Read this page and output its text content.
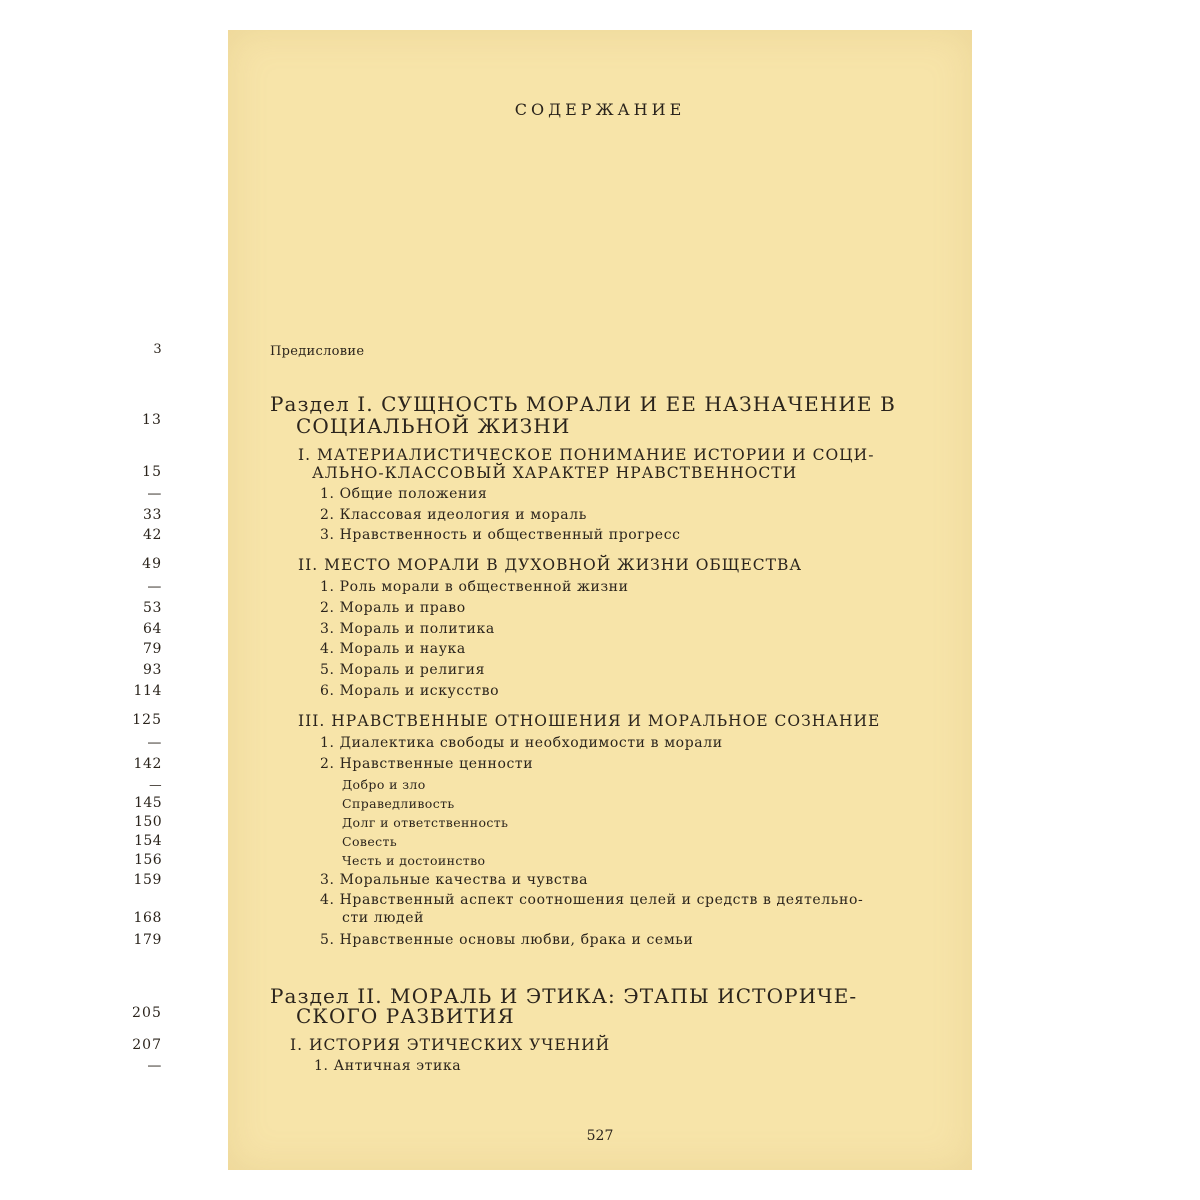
СОДЕРЖАНИЕ
Предисловие
3
Раздел I. СУЩНОСТЬ МОРАЛИ И ЕЕ НАЗНАЧЕНИЕ В
СОЦИАЛЬНОЙ ЖИЗНИ
13
I. МАТЕРИАЛИСТИЧЕСКОЕ ПОНИМАНИЕ ИСТОРИИ И СОЦИ-
АЛЬНО-КЛАССОВЫЙ ХАРАКТЕР НРАВСТВЕННОСТИ
15
1. Общие положения
—
2. Классовая идеология и мораль
33
3. Нравственность и общественный прогресс
42
II. МЕСТО МОРАЛИ В ДУХОВНОЙ ЖИЗНИ ОБЩЕСТВА
49
1. Роль морали в общественной жизни
—
2. Мораль и право
53
3. Мораль и политика
64
4. Мораль и наука
79
5. Мораль и религия
93
6. Мораль и искусство
114
III. НРАВСТВЕННЫЕ ОТНОШЕНИЯ И МОРАЛЬНОЕ СОЗНАНИЕ
125
1. Диалектика свободы и необходимости в морали
—
2. Нравственные ценности
142
Добро и зло
—
Справедливость
145
Долг и ответственность
150
Совесть
154
Честь и достоинство
156
3. Моральные качества и чувства
159
4. Нравственный аспект соотношения целей и средств в деятельно-
сти людей
168
5. Нравственные основы любви, брака и семьи
179
Раздел II. МОРАЛЬ И ЭТИКА: ЭТАПЫ ИСТОРИЧЕ-
СКОГО РАЗВИТИЯ
205
I. ИСТОРИЯ ЭТИЧЕСКИХ УЧЕНИЙ
207
1. Античная этика
—
527
